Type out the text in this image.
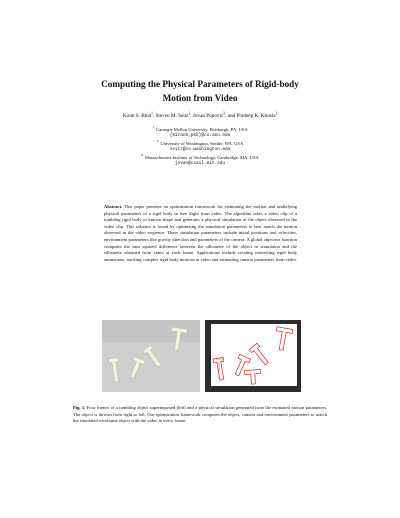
Computing the Physical Parameters of Rigid-body
Motion from Video
Kiran S. Bhat$^1$, Steven M. Seitz$^2$, Jovan Popović$^3$, and Pradeep K. Khosla$^1$
$^1$ Carnegie Mellon University, Pittsburgh, PA, USA
{kiranb,pkk}@cs.cmu.edu
$^2$ University of Washington, Seattle, WA, USA
seitz@cs.washington.edu
$^3$ Massachusetts Institute of Technology, Cambridge, MA, USA
jovan@csail.mit.edu
Abstract. This paper presents an optimization framework for estimating the motion and underlying physical parameters of a rigid body in free flight from video. The algorithm takes a video clip of a tumbling rigid body of known shape and generates a physical simulation of the object observed in the video clip. This solution is found by optimizing the simulation parameters to best match the motion observed in the video sequence. These simulation parameters include initial positions and velocities, environment parameters like gravity direction and parameters of the camera. A global objective function computes the sum squared difference between the silhouette of the object in simulation and the silhouette obtained from video at each frame. Applications include creating interesting rigid body animations, tracking complex rigid body motions in video and estimating camera parameters from video.
Fig. 1. Four frames of a tumbling object superimposed (left) and a physical simulation generated from the estimated motion parameters. The object is thrown from right to left. Our optimization framework computes the object, camera and environment parameters to match the simulated wireframe object with the video at every frame.
